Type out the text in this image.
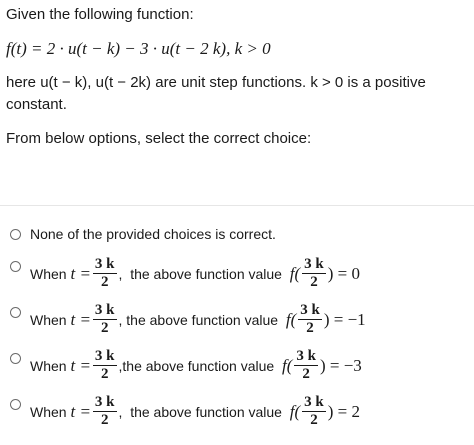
Given the following function:
f(t) = 2 · u(t − k) − 3 · u(t − 2 k), k > 0
here u(t − k), u(t − 2k) are unit step functions. k > 0 is a positive
constant.
From below options, select the correct choice:
None of the provided choices is correct.
When
$t = \frac{3 k}{2}$ ,
the above function value
$f( \frac{3 k}{2}$ ) = 0
When
$t = \frac{3 k}{2}$ ,
the above function value
$f( \frac{3 k}{2}$ ) = −1
When
$t = \frac{3 k}{2}$ , the above function value
$f( \frac{3 k}{2}$ ) = −3
When
$t = \frac{3 k}{2}$ ,
the above function value
$f( \frac{3 k}{2}$ ) = 2
